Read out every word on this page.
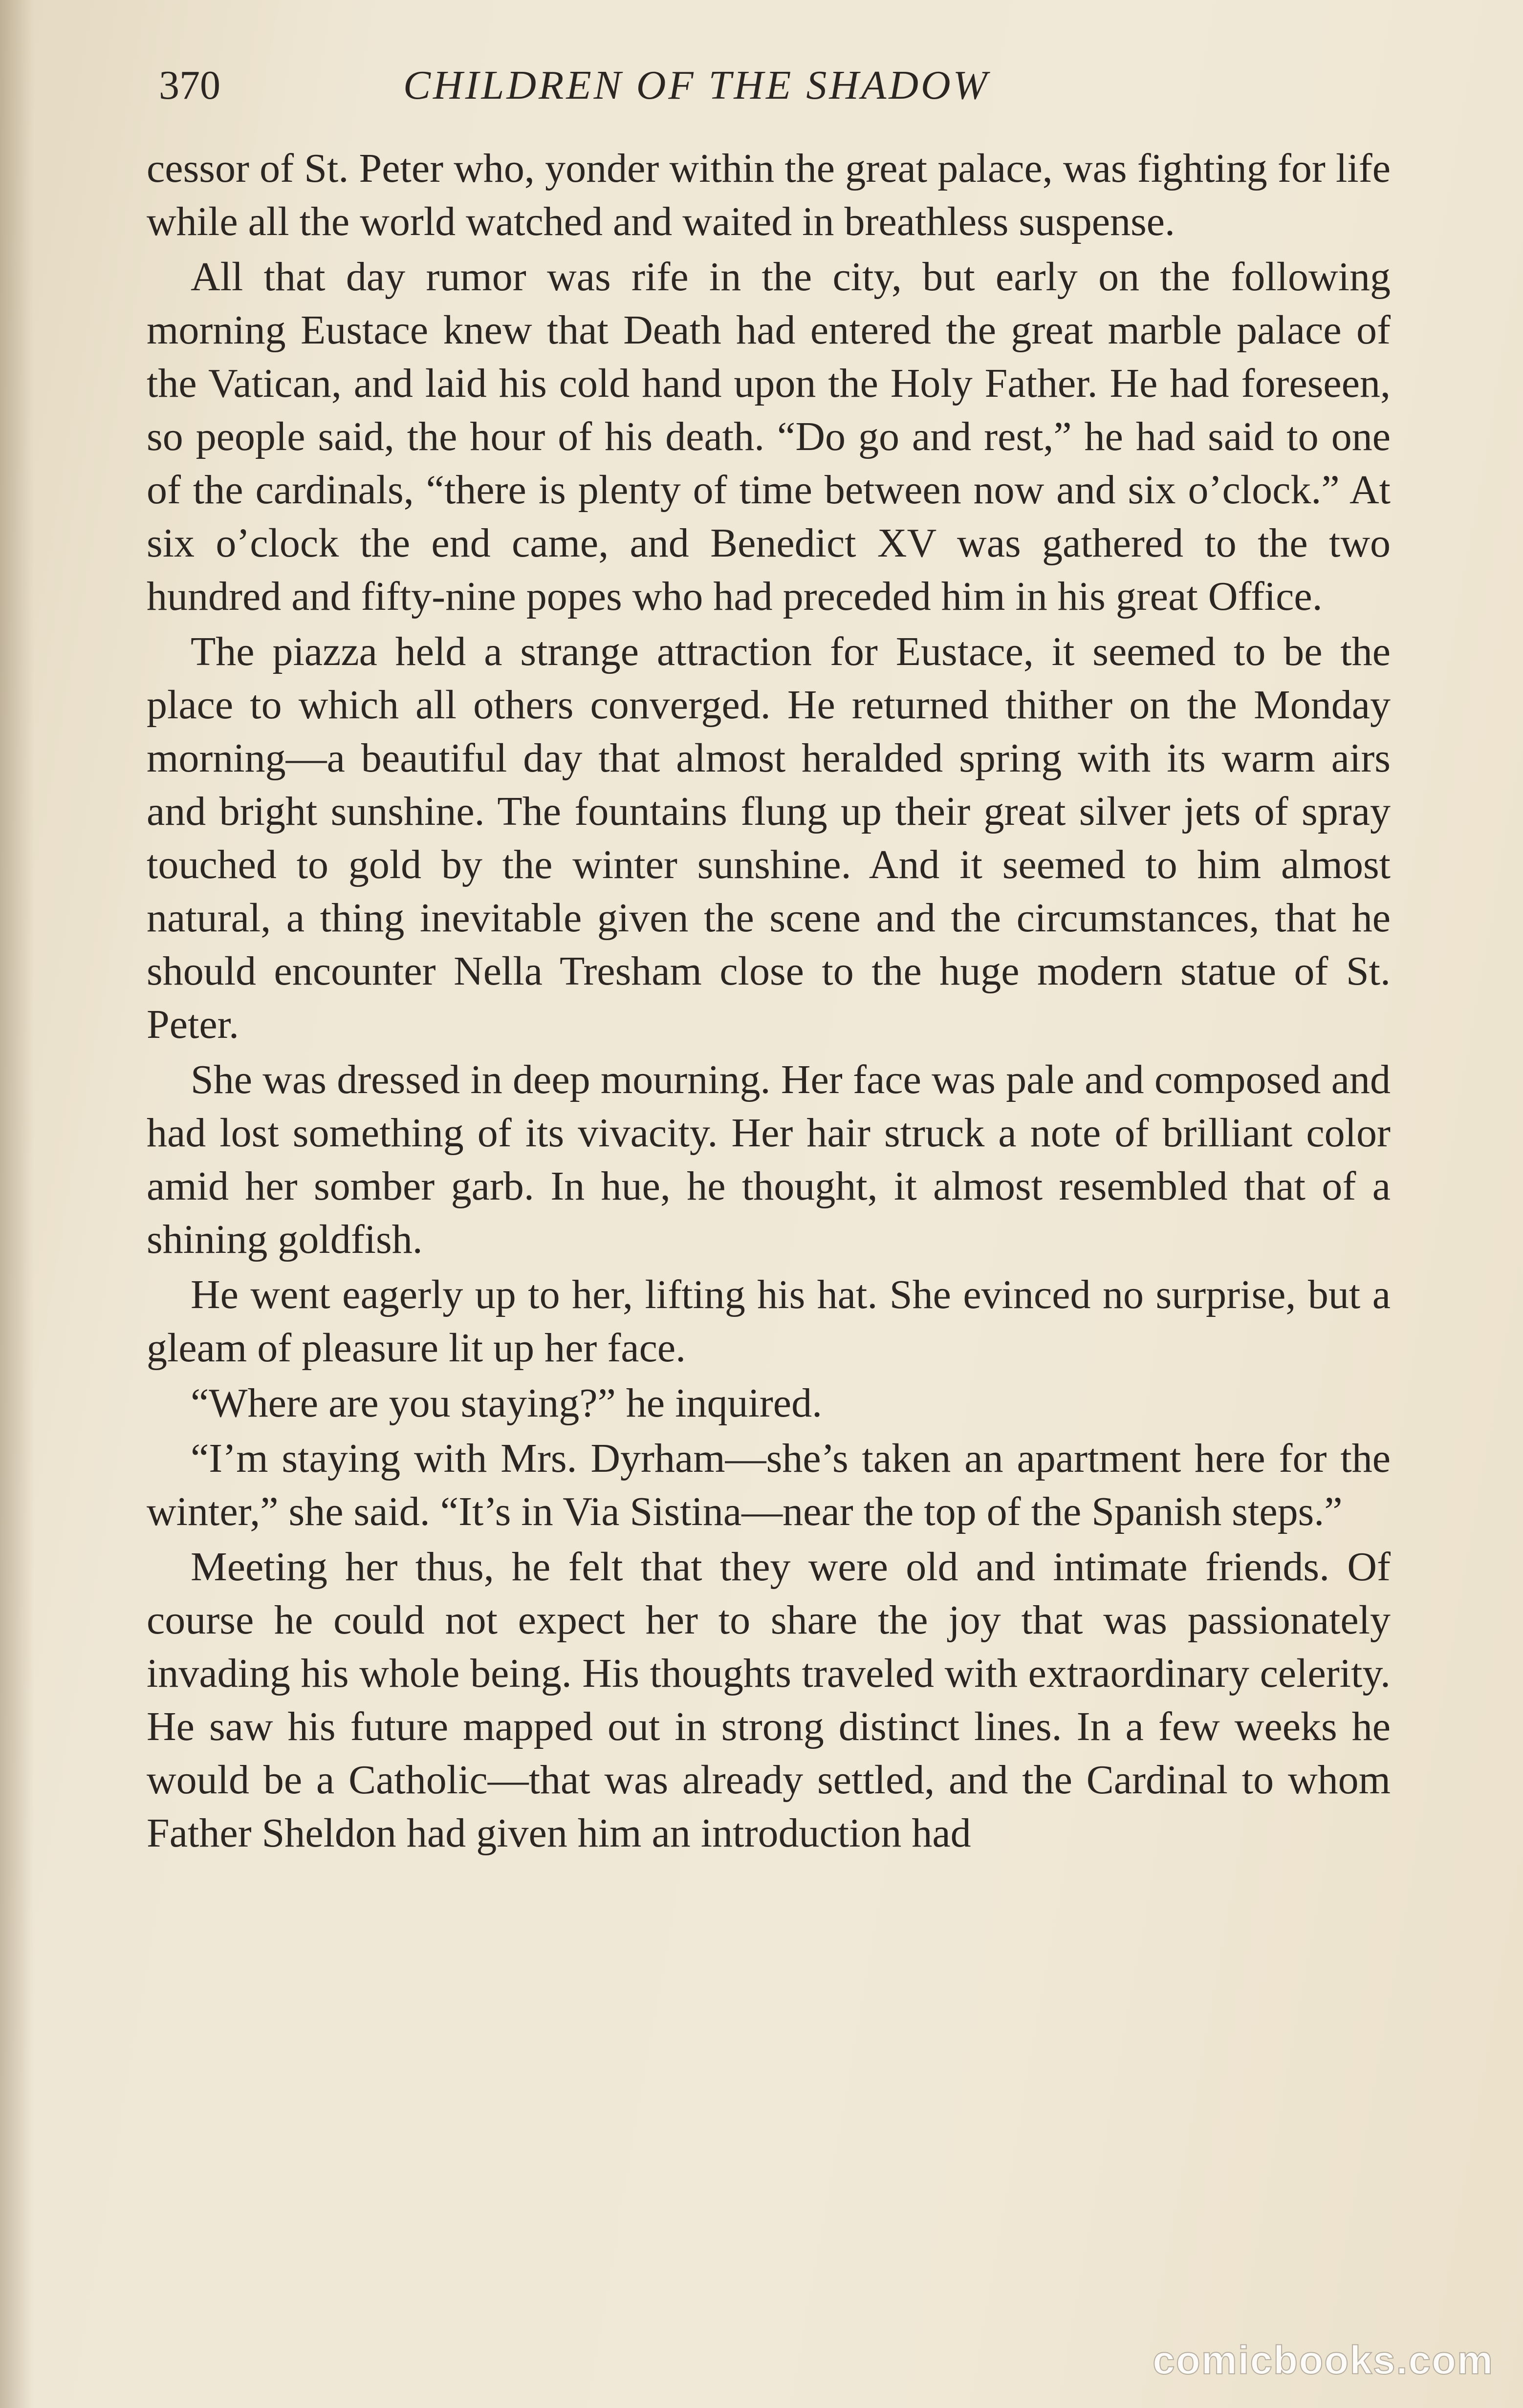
370	CHILDREN OF THE SHADOW

cessor of St. Peter who, yonder within the great palace, was fighting for life while all the world watched and waited in breathless suspense.

All that day rumor was rife in the city, but early on the following morning Eustace knew that Death had entered the great marble palace of the Vatican, and laid his cold hand upon the Holy Father. He had foreseen, so people said, the hour of his death. “Do go and rest,” he had said to one of the cardinals, “there is plenty of time between now and six o’clock.” At six o’clock the end came, and Benedict XV was gathered to the two hundred and fifty-nine popes who had preceded him in his great Office.

The piazza held a strange attraction for Eustace, it seemed to be the place to which all others converged. He returned thither on the Monday morning—a beautiful day that almost heralded spring with its warm airs and bright sunshine. The fountains flung up their great silver jets of spray touched to gold by the winter sunshine. And it seemed to him almost natural, a thing inevitable given the scene and the circumstances, that he should encounter Nella Tresham close to the huge modern statue of St. Peter.

She was dressed in deep mourning. Her face was pale and composed and had lost something of its vivacity. Her hair struck a note of brilliant color amid her somber garb. In hue, he thought, it almost resembled that of a shining goldfish.

He went eagerly up to her, lifting his hat. She evinced no surprise, but a gleam of pleasure lit up her face.

“Where are you staying?” he inquired.

“I’m staying with Mrs. Dyrham—she’s taken an apartment here for the winter,” she said. “It’s in Via Sistina—near the top of the Spanish steps.”

Meeting her thus, he felt that they were old and intimate friends. Of course he could not expect her to share the joy that was passionately invading his whole being. His thoughts traveled with extraordinary celerity. He saw his future mapped out in strong distinct lines. In a few weeks he would be a Catholic—that was already settled, and the Cardinal to whom Father Sheldon had given him an introduction had

comicbooks.com
